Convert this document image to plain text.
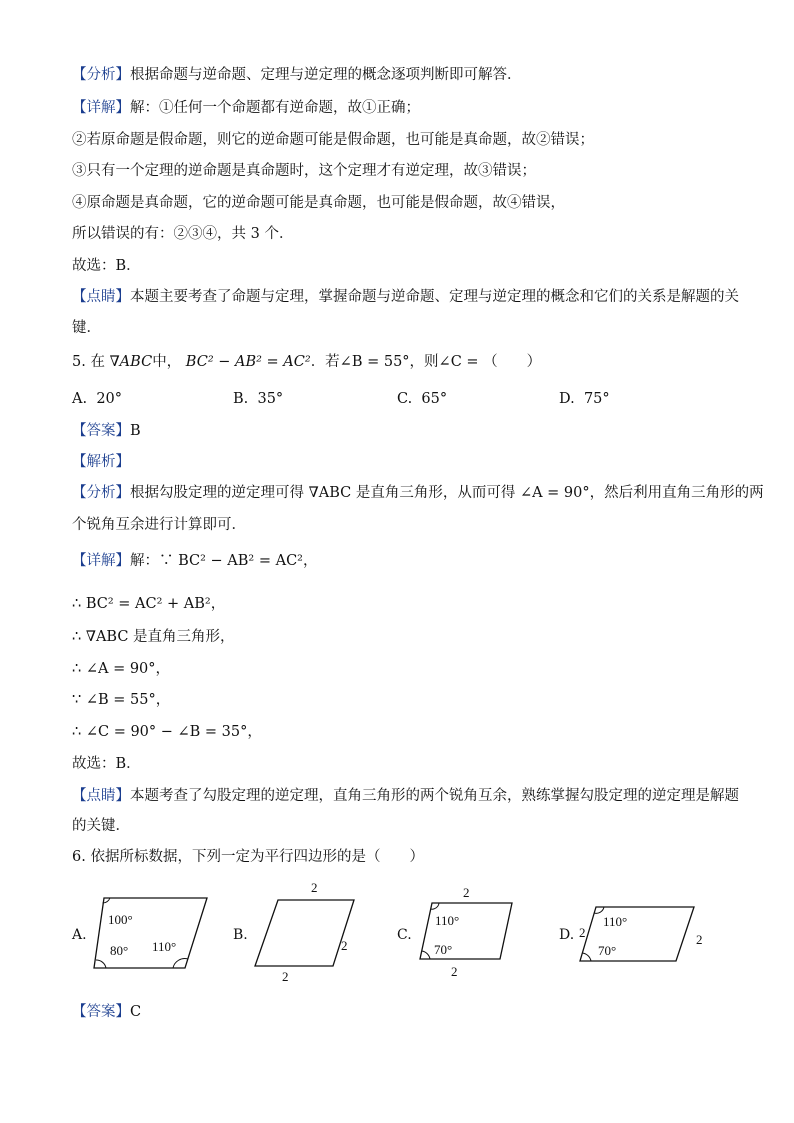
【分析】根据命题与逆命题、定理与逆定理的概念逐项判断即可解答．
【详解】解：①任何一个命题都有逆命题，故①正确；
②若原命题是假命题，则它的逆命题可能是假命题，也可能是真命题，故②错误；
③只有一个定理的逆命题是真命题时，这个定理才有逆定理，故③错误；
④原命题是真命题，它的逆命题可能是真命题，也可能是假命题，故④错误，
所以错误的有：②③④，共 3 个．
故选：B．
【点睛】本题主要考查了命题与定理，掌握命题与逆命题、定理与逆定理的概念和它们的关系是解题的关
键．
5. 在 ∇ABC中， BC² − AB² = AC²．若∠B = 55°，则∠C = （　　）
A. 20°	B. 35°	C. 65°	D. 75°
【答案】B
【解析】
【分析】根据勾股定理的逆定理可得 ∇ABC 是直角三角形，从而可得 ∠A = 90°，然后利用直角三角形的两
个锐角互余进行计算即可．
【详解】解：∵ BC² − AB² = AC²，
∴ BC² = AC² + AB²，
∴ ∇ABC 是直角三角形，
∴ ∠A = 90°，
∵ ∠B = 55°，
∴ ∠C = 90° − ∠B = 35°，
故选：B．
【点睛】本题考查了勾股定理的逆定理，直角三角形的两个锐角互余，熟练掌握勾股定理的逆定理是解题
的关键．
6. 依据所标数据，下列一定为平行四边形的是（　　）
A.
100°
80° 110°
B.
2
2
2
C.
2
110°
70°
2
D. 2
110°
70°
2
【答案】C
